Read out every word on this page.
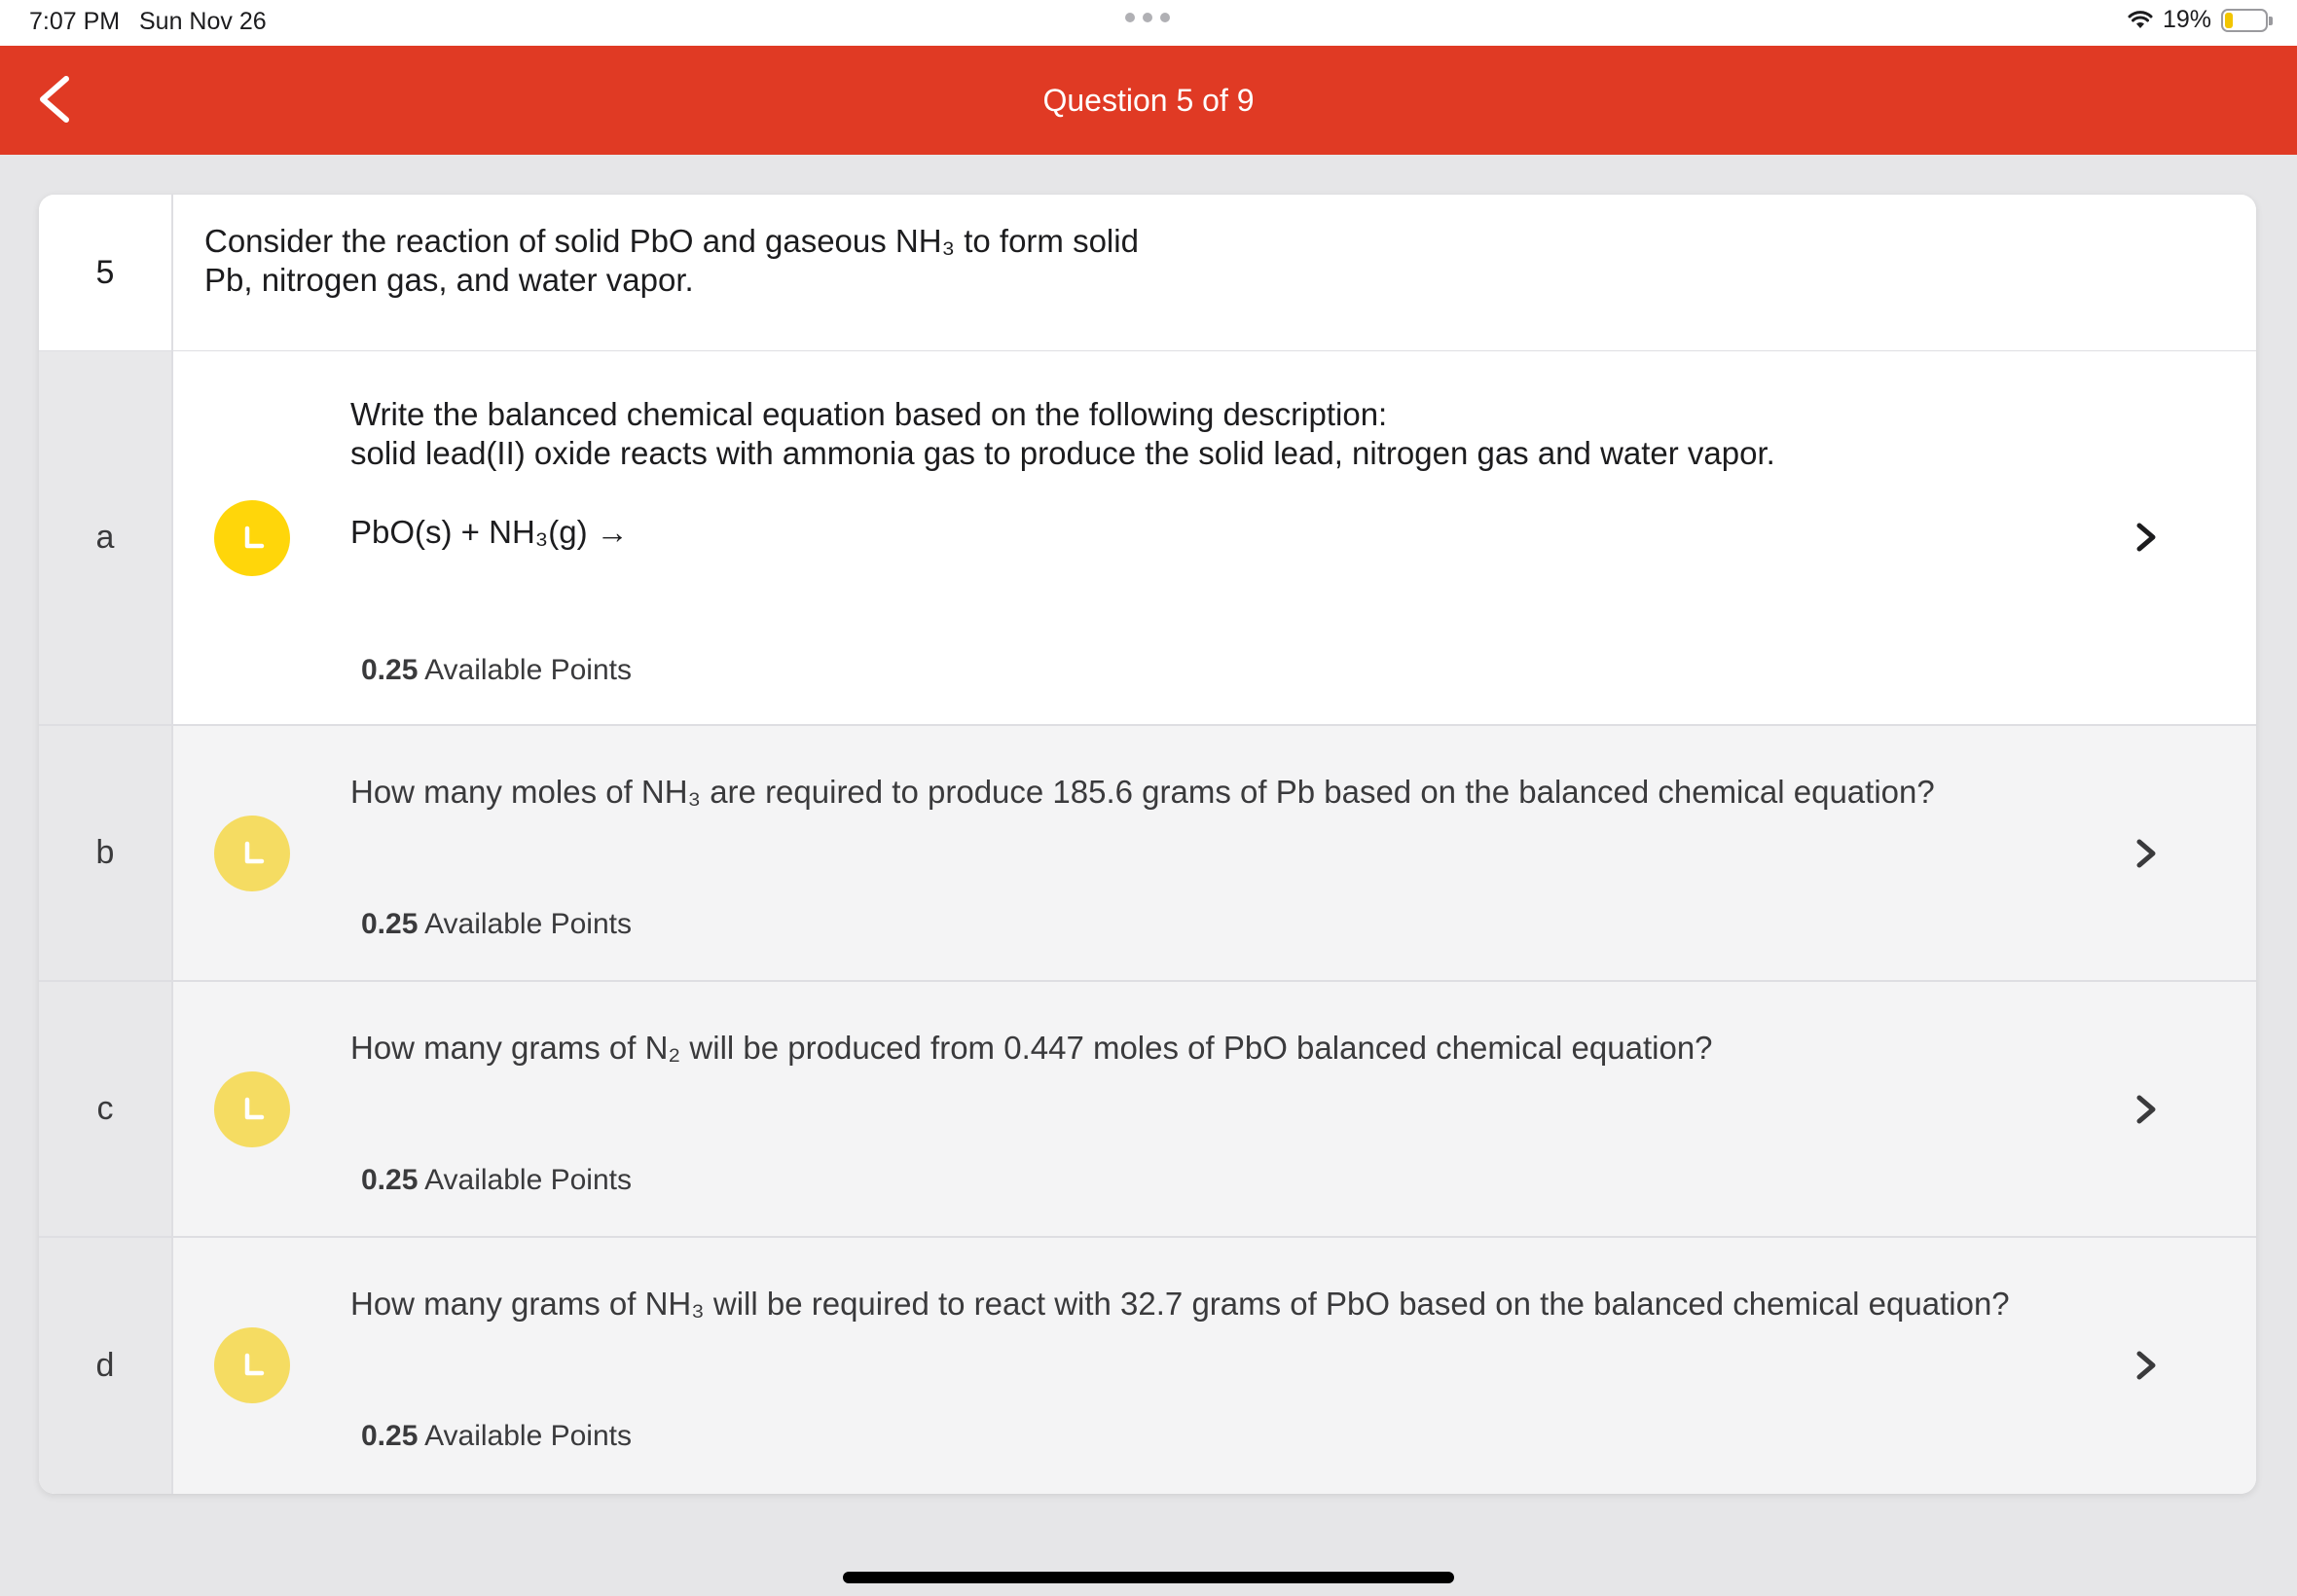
7:07 PM Sun Nov 26	19%
Question 5 of 9
5
Consider the reaction of solid PbO and gaseous NH₃ to form solid
Pb, nitrogen gas, and water vapor.
a
Write the balanced chemical equation based on the following description:
solid lead(II) oxide reacts with ammonia gas to produce the solid lead, nitrogen gas and water vapor.
PbO(s) + NH₃(g) →
0.25 Available Points
b
How many moles of NH₃ are required to produce 185.6 grams of Pb based on the balanced chemical equation?
0.25 Available Points
c
How many grams of N₂ will be produced from 0.447 moles of PbO balanced chemical equation?
0.25 Available Points
d
How many grams of NH₃ will be required to react with 32.7 grams of PbO based on the balanced chemical equation?
0.25 Available Points
